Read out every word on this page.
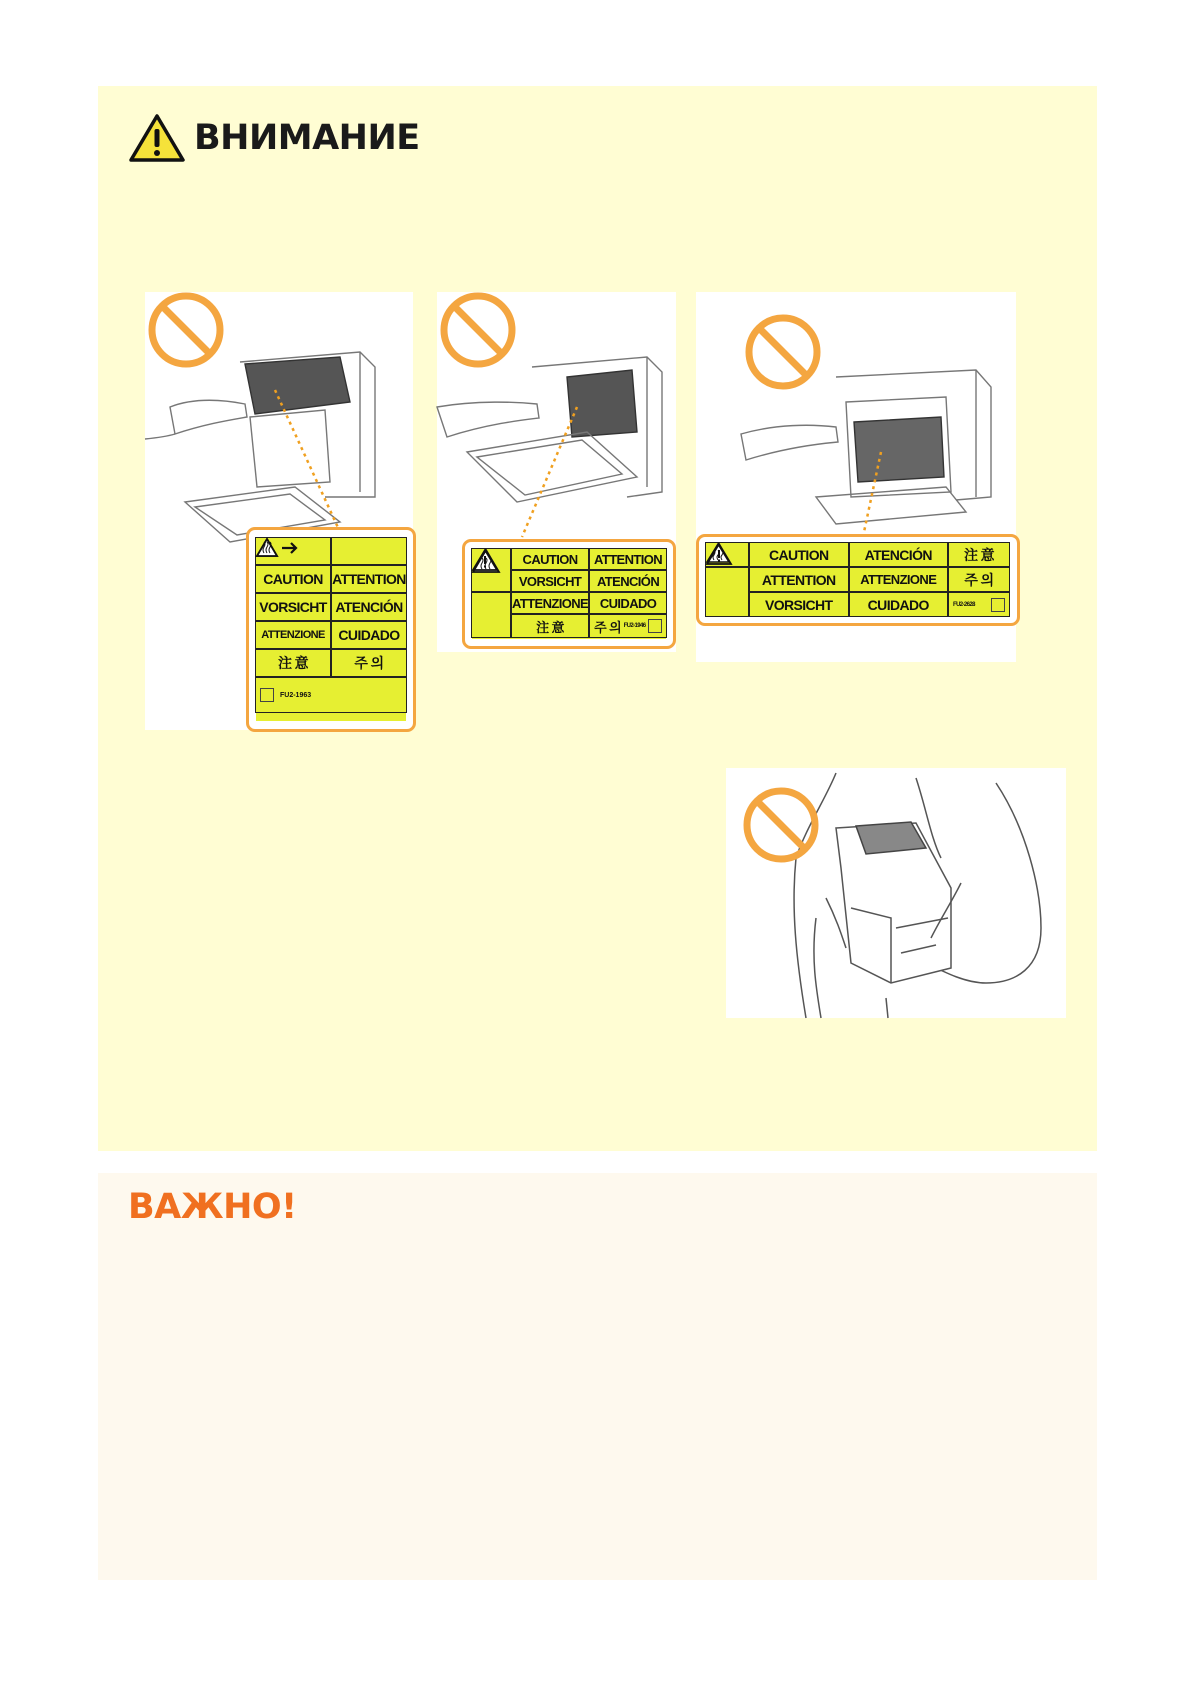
ВНИМАНИЕ
CAUTION ATTENTION
VORSICHT ATENCIÓN
ATTENZIONE CUIDADO
注 意	주 의
FU2-1963
CAUTION	ATTENTION
VORSICHT	ATENCIÓN
ATTENZIONE CUIDADO
注 意	주 의 FU2-1946
CAUTION	ATENCIÓN	注 意
ATTENTION	ATTENZIONE	주 의
VORSICHT	CUIDADO	FU2-2628
ВАЖНО!
